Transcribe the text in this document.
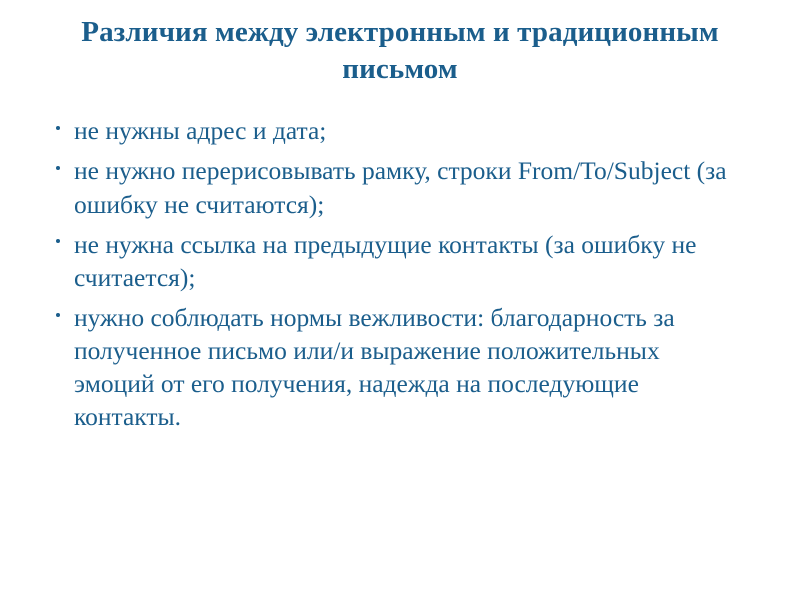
Различия между электронным и традиционным письмом
не нужны адрес и дата;
не нужно перерисовывать рамку, строки From/To/Subject (за ошибку не считаются);
не нужна ссылка на предыдущие контакты (за ошибку не считается);
нужно соблюдать нормы вежливости: благодарность за полученное письмо или/и выражение положительных эмоций от его получения, надежда на последующие контакты.
